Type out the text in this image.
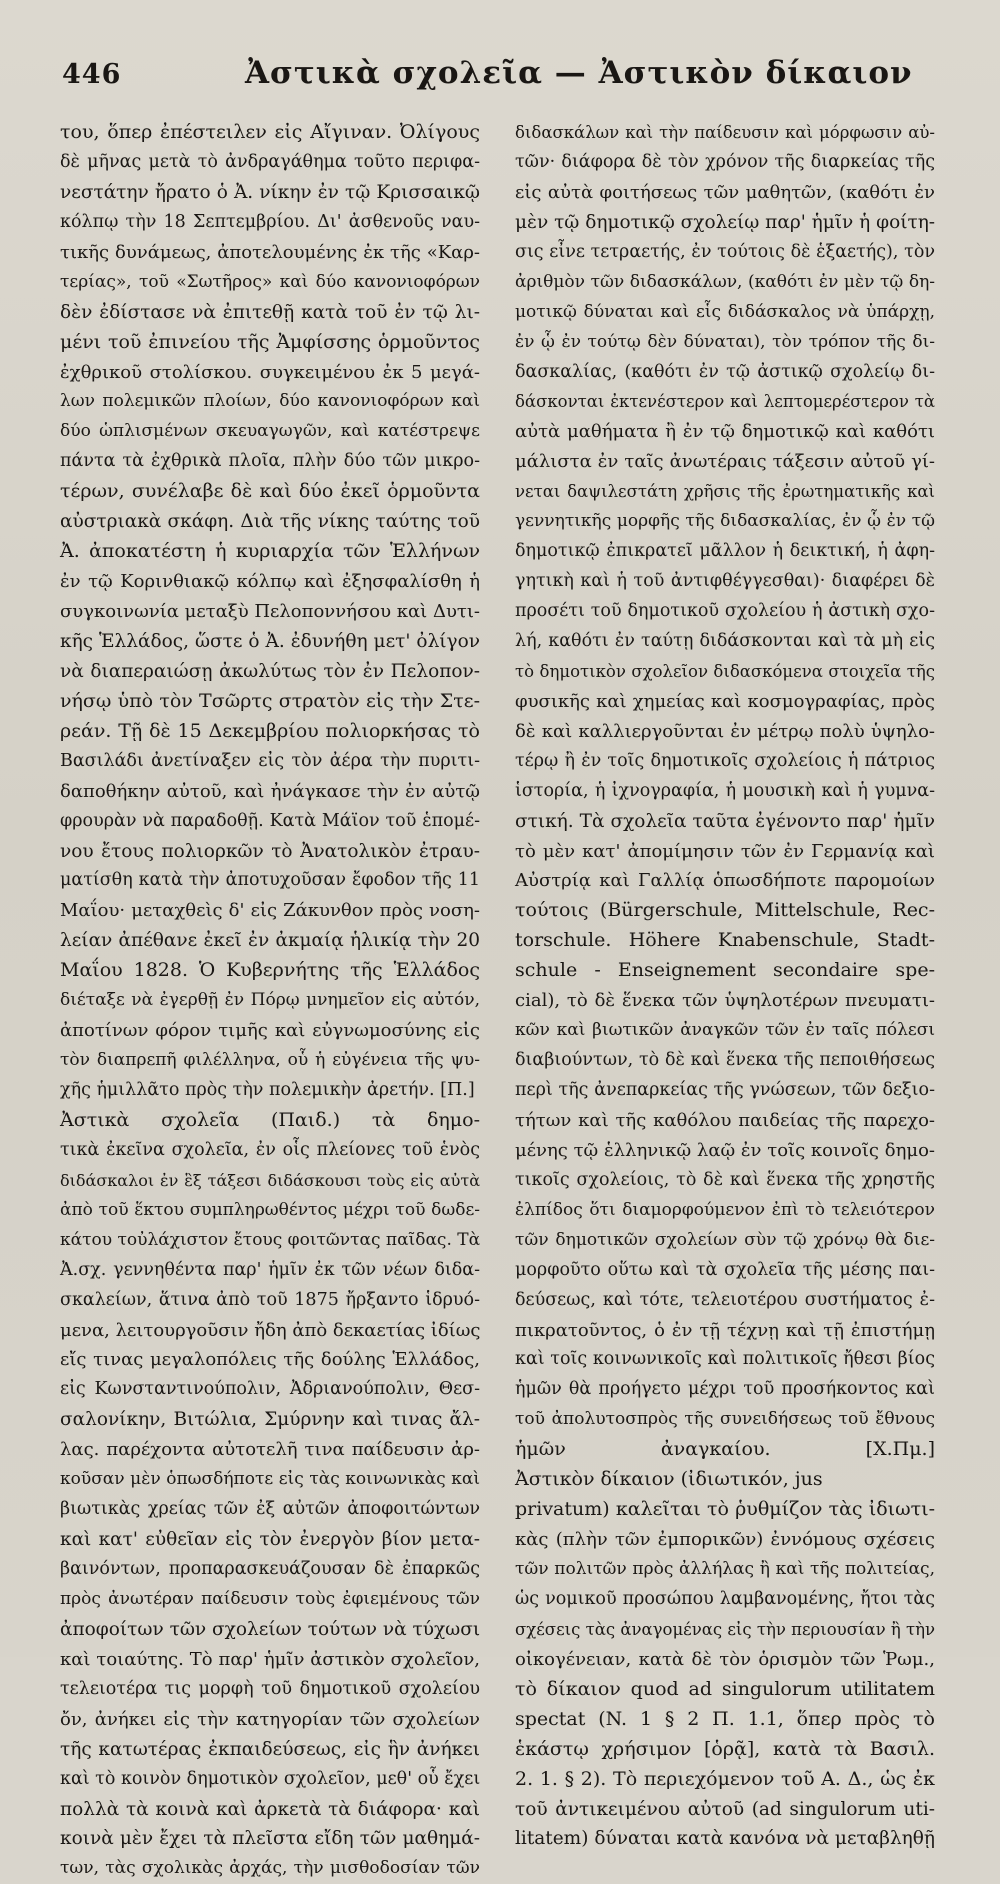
446	Ἀστικὰ σχολεῖα — Ἀστικὸν δίκαιον
του, ὅπερ ἐπέστειλεν εἰς Αἴγιναν. Ὀλίγους
δὲ μῆνας μετὰ τὸ ἀνδραγάθημα τοῦτο περιφα-
νεστάτην ἤρατο ὁ Ἀ. νίκην ἐν τῷ Κρισσαικῷ
κόλπῳ τὴν 18 Σεπτεμβρίου. Δι' ἀσθενοῦς ναυ-
τικῆς δυνάμεως, ἀποτελουμένης ἐκ τῆς «Καρ-
τερίας», τοῦ «Σωτῆρος» καὶ δύο κανονιοφόρων
δὲν ἐδίστασε νὰ ἐπιτεθῇ κατὰ τοῦ ἐν τῷ λι-
μένι τοῦ ἐπινείου τῆς Ἀμφίσσης ὁρμοῦντος
ἐχθρικοῦ στολίσκου. συγκειμένου ἐκ 5 μεγά-
λων πολεμικῶν πλοίων, δύο κανονιοφόρων καὶ
δύο ὡπλισμένων σκευαγωγῶν, καὶ κατέστρεψε
πάντα τὰ ἐχθρικὰ πλοῖα, πλὴν δύο τῶν μικρο-
τέρων, συνέλαβε δὲ καὶ δύο ἐκεῖ ὁρμοῦντα
αὐστριακὰ σκάφη. Διὰ τῆς νίκης ταύτης τοῦ
Ἀ. ἀποκατέστη ἡ κυριαρχία τῶν Ἑλλήνων
ἐν τῷ Κορινθιακῷ κόλπῳ καὶ ἐξησφαλίσθη ἡ
συγκοινωνία μεταξὺ Πελοποννήσου καὶ Δυτι-
κῆς Ἑλλάδος, ὥστε ὁ Ἀ. ἐδυνήθη μετ' ὀλίγον
νὰ διαπεραιώσῃ ἀκωλύτως τὸν ἐν Πελοπον-
νήσῳ ὑπὸ τὸν Τσῶρτς στρατὸν εἰς τὴν Στε-
ρεάν. Τῇ δὲ 15 Δεκεμβρίου πολιορκήσας τὸ
Βασιλάδι ἀνετίναξεν εἰς τὸν ἀέρα τὴν πυριτι-
δαποθήκην αὐτοῦ, καὶ ἠνάγκασε τὴν ἐν αὐτῷ
φρουρὰν νὰ παραδοθῇ. Κατὰ Μάϊον τοῦ ἑπομέ-
νου ἔτους πολιορκῶν τὸ Ἀνατολικὸν ἐτραυ-
ματίσθη κατὰ τὴν ἀποτυχοῦσαν ἔφοδον τῆς 11
Μαΐου· μεταχθεὶς δ' εἰς Ζάκυνθον πρὸς νοση-
λείαν ἀπέθανε ἐκεῖ ἐν ἀκμαίᾳ ἡλικίᾳ τὴν 20
Μαΐου 1828. Ὁ Κυβερνήτης τῆς Ἑλλάδος
διέταξε νὰ ἐγερθῇ ἐν Πόρῳ μνημεῖον εἰς αὐτόν,
ἀποτίνων φόρον τιμῆς καὶ εὐγνωμοσύνης εἰς
τὸν διαπρεπῆ φιλέλληνα, οὗ ἡ εὐγένεια τῆς ψυ-
χῆς ἡμιλλᾶτο πρὸς τὴν πολεμικὴν ἀρετήν. [Π.]
Ἀστικὰ σχολεῖα (Παιδ.) τὰ δημο-
τικὰ ἐκεῖνα σχολεῖα, ἐν οἷς πλείονες τοῦ ἑνὸς
διδάσκαλοι ἐν ἓξ τάξεσι διδάσκουσι τοὺς εἰς αὐτὰ
ἀπὸ τοῦ ἕκτου συμπληρωθέντος μέχρι τοῦ δωδε-
κάτου τοὐλάχιστον ἔτους φοιτῶντας παῖδας. Τὰ
Ἀ.σχ. γεννηθέντα παρ' ἡμῖν ἐκ τῶν νέων διδα-
σκαλείων, ἅτινα ἀπὸ τοῦ 1875 ἤρξαντο ἱδρυό-
μενα, λειτουργοῦσιν ἤδη ἀπὸ δεκαετίας ἰδίως
εἴς τινας μεγαλοπόλεις τῆς δούλης Ἑλλάδος,
εἰς Κωνσταντινούπολιν, Ἀδριανούπολιν, Θεσ-
σαλονίκην, Βιτώλια, Σμύρνην καὶ τινας ἄλ-
λας. παρέχοντα αὐτοτελῆ τινα παίδευσιν ἀρ-
κοῦσαν μὲν ὁπωσδήποτε εἰς τὰς κοινωνικὰς καὶ
βιωτικὰς χρείας τῶν ἐξ αὐτῶν ἀποφοιτώντων
καὶ κατ' εὐθεῖαν εἰς τὸν ἐνεργὸν βίον μετα-
βαινόντων, προπαρασκευάζουσαν δὲ ἐπαρκῶς
πρὸς ἀνωτέραν παίδευσιν τοὺς ἐφιεμένους τῶν
ἀποφοίτων τῶν σχολείων τούτων νὰ τύχωσι
καὶ τοιαύτης. Τὸ παρ' ἡμῖν ἀστικὸν σχολεῖον,
τελειοτέρα τις μορφὴ τοῦ δημοτικοῦ σχολείου
ὄν, ἀνήκει εἰς τὴν κατηγορίαν τῶν σχολείων
τῆς κατωτέρας ἐκπαιδεύσεως, εἰς ἣν ἀνήκει
καὶ τὸ κοινὸν δημοτικὸν σχολεῖον, μεθ' οὗ ἔχει
πολλὰ τὰ κοινὰ καὶ ἀρκετὰ τὰ διάφορα· καὶ
κοινὰ μὲν ἔχει τὰ πλεῖστα εἴδη τῶν μαθημά-
των, τὰς σχολικὰς ἀρχάς, τὴν μισθοδοσίαν τῶν
διδασκάλων καὶ τὴν παίδευσιν καὶ μόρφωσιν αὐ-
τῶν· διάφορα δὲ τὸν χρόνον τῆς διαρκείας τῆς
εἰς αὐτὰ φοιτήσεως τῶν μαθητῶν, (καθότι ἐν
μὲν τῷ δημοτικῷ σχολείῳ παρ' ἡμῖν ἡ φοίτη-
σις εἶνε τετραετής, ἐν τούτοις δὲ ἑξαετής), τὸν
ἀριθμὸν τῶν διδασκάλων, (καθότι ἐν μὲν τῷ δη-
μοτικῷ δύναται καὶ εἷς διδάσκαλος νὰ ὑπάρχῃ,
ἐν ᾧ ἐν τούτῳ δὲν δύναται), τὸν τρόπον τῆς δι-
δασκαλίας, (καθότι ἐν τῷ ἀστικῷ σχολείῳ δι-
δάσκονται ἐκτενέστερον καὶ λεπτομερέστερον τὰ
αὐτὰ μαθήματα ἢ ἐν τῷ δημοτικῷ καὶ καθότι
μάλιστα ἐν ταῖς ἀνωτέραις τάξεσιν αὐτοῦ γί-
νεται δαψιλεστάτη χρῆσις τῆς ἐρωτηματικῆς καὶ
γεννητικῆς μορφῆς τῆς διδασκαλίας, ἐν ᾧ ἐν τῷ
δημοτικῷ ἐπικρατεῖ μᾶλλον ἡ δεικτική, ἡ ἀφη-
γητικὴ καὶ ἡ τοῦ ἀντιφθέγγεσθαι)· διαφέρει δὲ
προσέτι τοῦ δημοτικοῦ σχολείου ἡ ἀστικὴ σχο-
λή, καθότι ἐν ταύτῃ διδάσκονται καὶ τὰ μὴ εἰς
τὸ δημοτικὸν σχολεῖον διδασκόμενα στοιχεῖα τῆς
φυσικῆς καὶ χημείας καὶ κοσμογραφίας, πρὸς
δὲ καὶ καλλιεργοῦνται ἐν μέτρῳ πολὺ ὑψηλο-
τέρῳ ἢ ἐν τοῖς δημοτικοῖς σχολείοις ἡ πάτριος
ἱστορία, ἡ ἰχνογραφία, ἡ μουσικὴ καὶ ἡ γυμνα-
στική. Τὰ σχολεῖα ταῦτα ἐγένοντο παρ' ἡμῖν
τὸ μὲν κατ' ἀπομίμησιν τῶν ἐν Γερμανίᾳ καὶ
Αὐστρίᾳ καὶ Γαλλίᾳ ὁπωσδήποτε παρομοίων
τούτοις (Bürgerschule, Mittelschule, Rec-
torschule. Höhere Knabenschule, Stadt-
schule - Enseignement secondaire spe-
cial), τὸ δὲ ἕνεκα τῶν ὑψηλοτέρων πνευματι-
κῶν καὶ βιωτικῶν ἀναγκῶν τῶν ἐν ταῖς πόλεσι
διαβιούντων, τὸ δὲ καὶ ἕνεκα τῆς πεποιθήσεως
περὶ τῆς ἀνεπαρκείας τῆς γνώσεων, τῶν δεξιο-
τήτων καὶ τῆς καθόλου παιδείας τῆς παρεχο-
μένης τῷ ἑλληνικῷ λαῷ ἐν τοῖς κοινοῖς δημο-
τικοῖς σχολείοις, τὸ δὲ καὶ ἕνεκα τῆς χρηστῆς
ἐλπίδος ὅτι διαμορφούμενον ἐπὶ τὸ τελειότερον
τῶν δημοτικῶν σχολείων σὺν τῷ χρόνῳ θὰ διε-
μορφοῦτο οὕτω καὶ τὰ σχολεῖα τῆς μέσης παι-
δεύσεως, καὶ τότε, τελειοτέρου συστήματος ἐ-
πικρατοῦντος, ὁ ἐν τῇ τέχνῃ καὶ τῇ ἐπιστήμῃ
καὶ τοῖς κοινωνικοῖς καὶ πολιτικοῖς ἤθεσι βίος
ἡμῶν θὰ προήγετο μέχρι τοῦ προσήκοντος καὶ
τοῦ ἀπολυτοσπρὸς τῆς συνειδήσεως τοῦ ἔθνους
ἡμῶν ἀναγκαίου. [Χ.Πμ.]
Ἀστικὸν δίκαιον (ἰδιωτικόν, jus
privatum) καλεῖται τὸ ῥυθμίζον τὰς ἰδιωτι-
κὰς (πλὴν τῶν ἐμπορικῶν) ἐννόμους σχέσεις
τῶν πολιτῶν πρὸς ἀλλήλας ἢ καὶ τῆς πολιτείας,
ὡς νομικοῦ προσώπου λαμβανομένης, ἤτοι τὰς
σχέσεις τὰς ἀναγομένας εἰς τὴν περιουσίαν ἢ τὴν
οἰκογένειαν, κατὰ δὲ τὸν ὁρισμὸν τῶν Ῥωμ.,
τὸ δίκαιον quod ad singulorum utilitatem
spectat (N. 1 § 2 Π. 1.1, ὅπερ πρὸς τὸ
ἑκάστῳ χρήσιμον [ὁρᾷ], κατὰ τὰ Βασιλ.
2. 1. § 2). Τὸ περιεχόμενον τοῦ Α. Δ., ὡς ἐκ
τοῦ ἀντικειμένου αὐτοῦ (ad singulorum uti-
litatem) δύναται κατὰ κανόνα νὰ μεταβληθῇ
